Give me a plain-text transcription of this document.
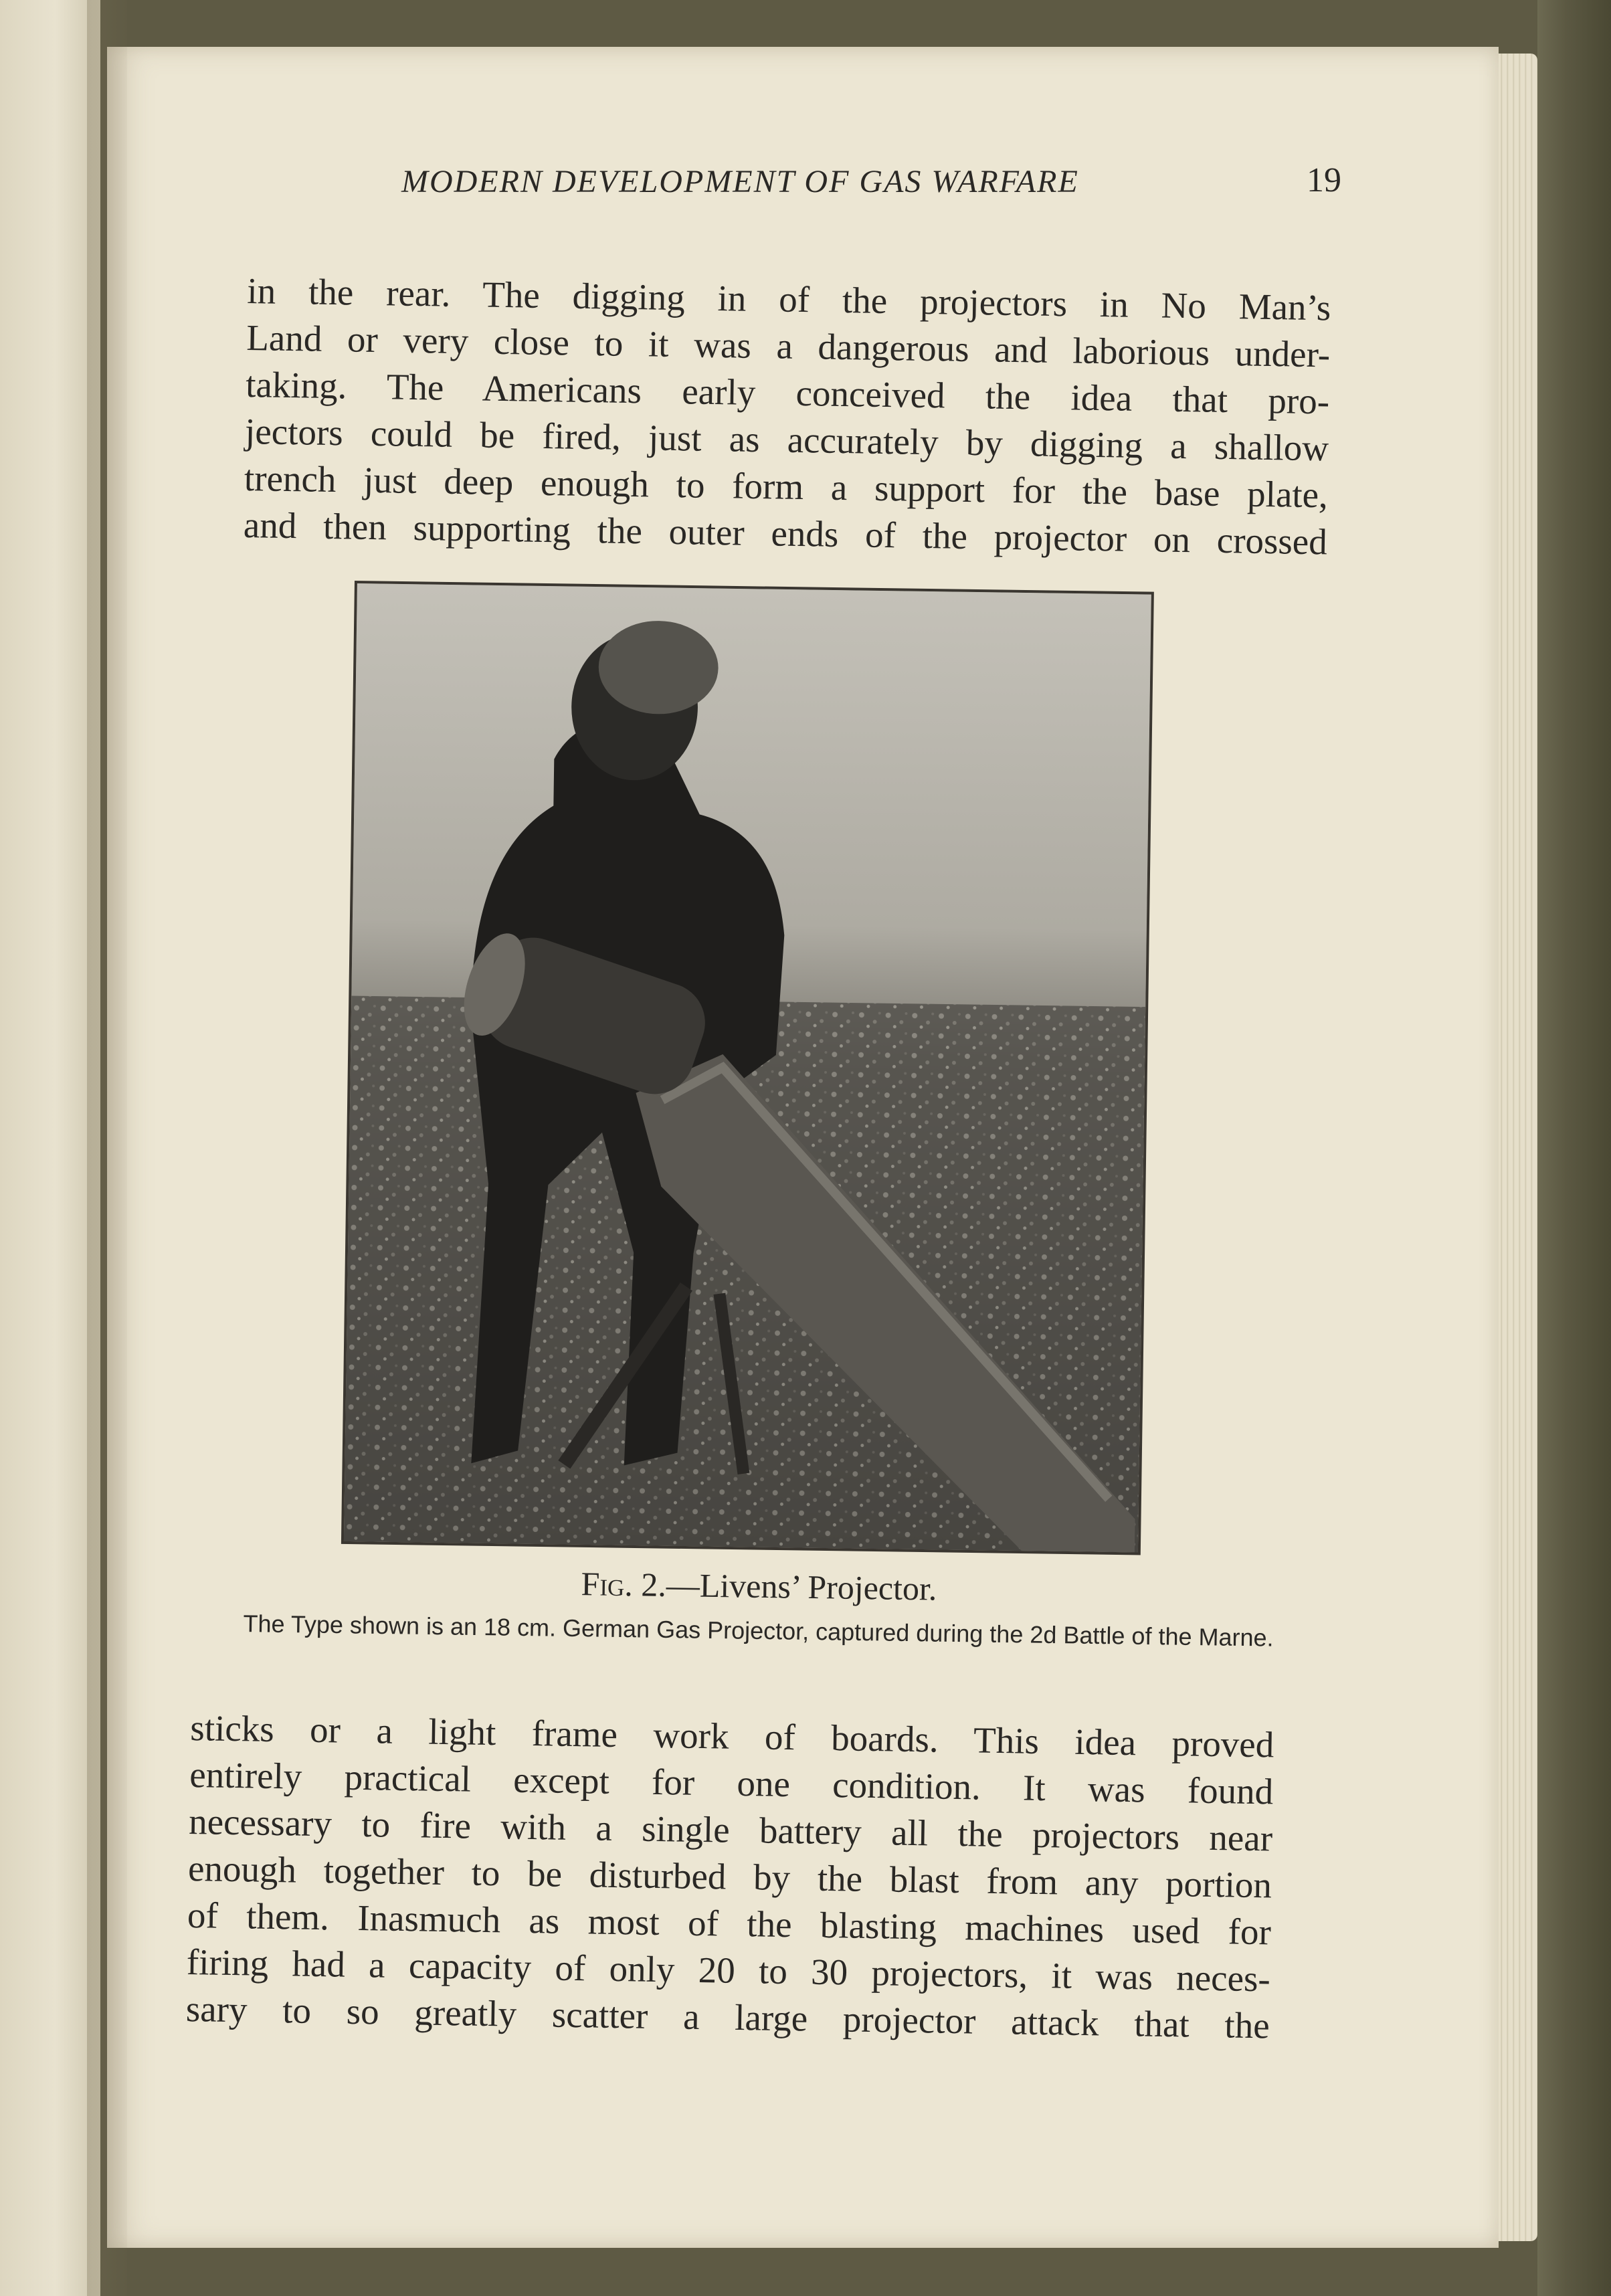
MODERN DEVELOPMENT OF GAS WARFARE	19
in the rear. The digging in of the projectors in No Man’s
Land or very close to it was a dangerous and laborious under-
taking. The Americans early conceived the idea that pro-
jectors could be fired, just as accurately by digging a shallow
trench just deep enough to form a support for the base plate,
and then supporting the outer ends of the projector on crossed
Fig. 2.—Livens’ Projector.
The Type shown is an 18 cm. German Gas Projector, captured during the 2d Battle of the Marne.
sticks or a light frame work of boards. This idea proved
entirely practical except for one condition. It was found
necessary to fire with a single battery all the projectors near
enough together to be disturbed by the blast from any portion
of them. Inasmuch as most of the blasting machines used for
firing had a capacity of only 20 to 30 projectors, it was neces-
sary to so greatly scatter a large projector attack that the
